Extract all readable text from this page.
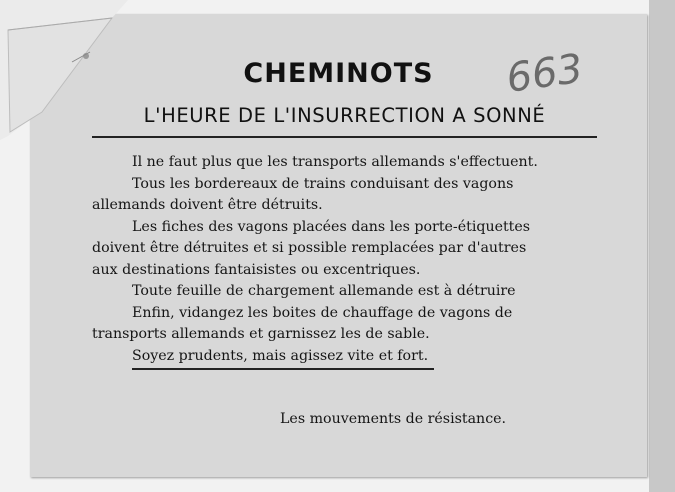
663
CHEMINOTS
L'HEURE DE L'INSURRECTION A SONNÉ

Il ne faut plus que les transports allemands s'effectuent.

Tous les bordereaux de trains conduisant des vagons

allemands doivent être détruits.

Les fiches des vagons placées dans les porte-étiquettes

doivent être détruites et si possible remplacées par d'autres

aux destinations fantaisistes ou excentriques.

Toute feuille de chargement allemande est à détruire

Enfin, vidangez les boites de chauffage de vagons de

transports allemands et garnissez les de sable.

Soyez prudents, mais agissez vite et fort.

Les mouvements de résistance.
